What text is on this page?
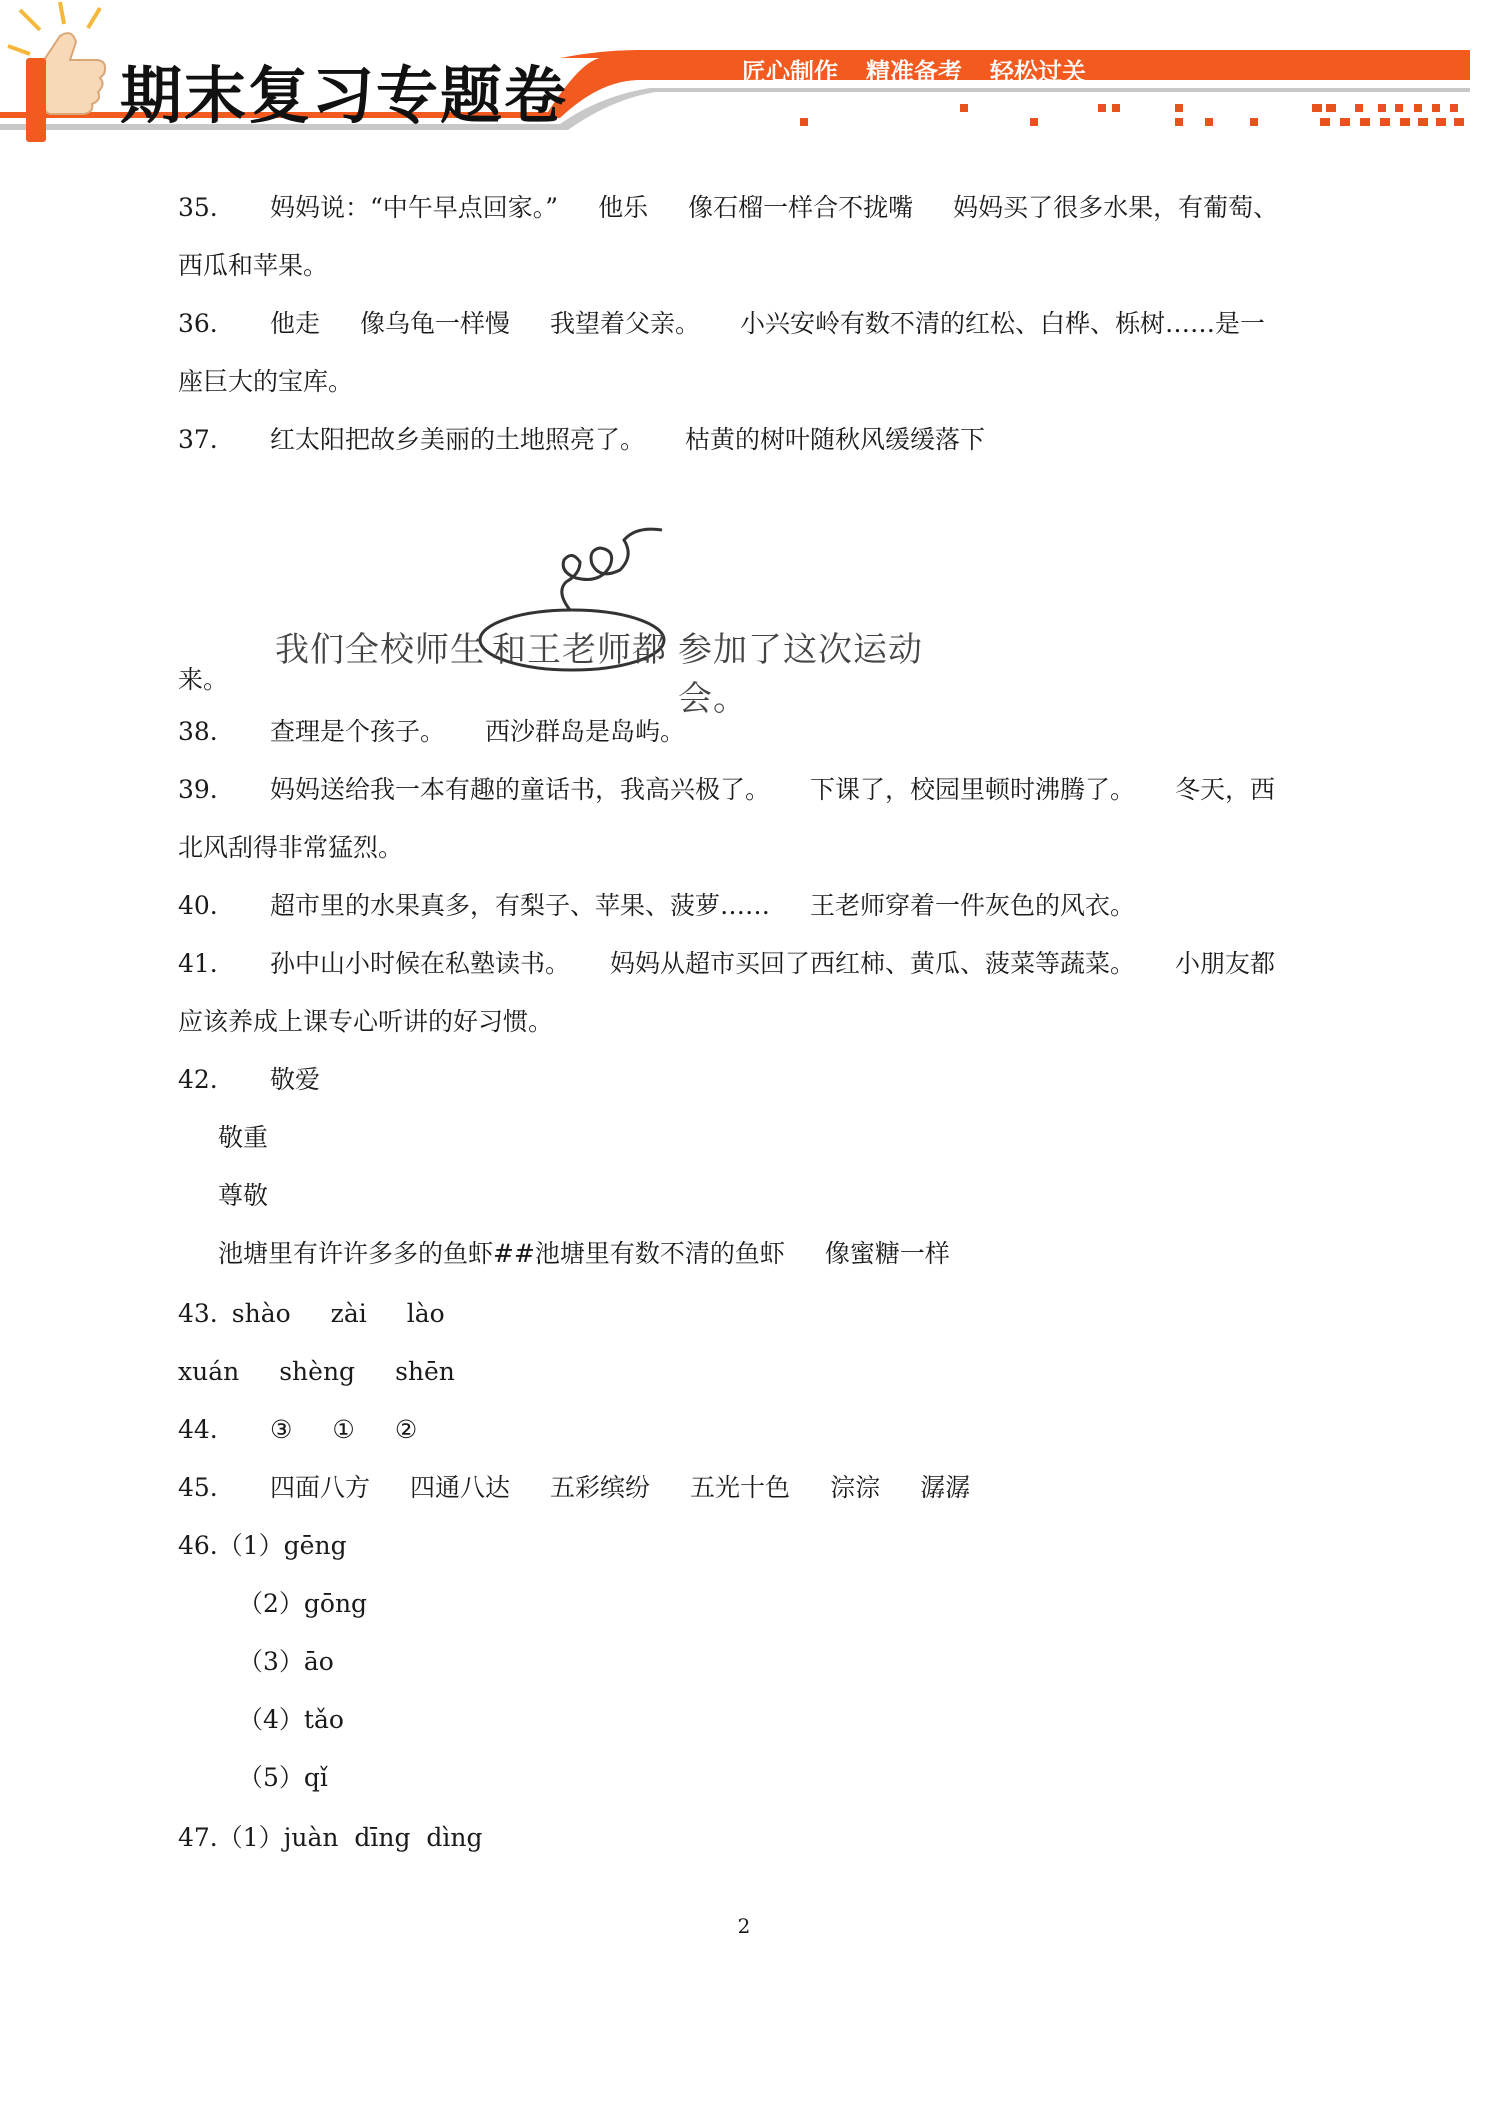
期末复习专题卷	匠心制作 精准备考 轻松过关
35. 妈妈说：“中午早点回家。” 他乐 像石榴一样合不拢嘴 妈妈买了很多水果，有葡萄、
西瓜和苹果。
36. 他走 像乌龟一样慢 我望着父亲。 小兴安岭有数不清的红松、白桦、栎树……是一
座巨大的宝库。
37. 红太阳把故乡美丽的土地照亮了。 枯黄的树叶随秋风缓缓落下
我们全校师生 和王老师都 参加了这次运动会。
来。
38. 查理是个孩子。 西沙群岛是岛屿。
39. 妈妈送给我一本有趣的童话书，我高兴极了。 下课了，校园里顿时沸腾了。 冬天，西
北风刮得非常猛烈。
40. 超市里的水果真多，有梨子、苹果、菠萝…… 王老师穿着一件灰色的风衣。
41. 孙中山小时候在私塾读书。 妈妈从超市买回了西红柿、黄瓜、菠菜等蔬菜。 小朋友都
应该养成上课专心听讲的好习惯。
42. 敬爱
敬重
尊敬
池塘里有许许多多的鱼虾##池塘里有数不清的鱼虾 像蜜糖一样
43. shào zài lào
xuán shèng shēn
44. ③ ① ②
45. 四面八方 四通八达 五彩缤纷 五光十色 淙淙 潺潺
46.（1）gēng
（2）gōng
（3）āo
（4）tǎo
（5）qǐ
47.（1）juàn  dīng  dìng
2
